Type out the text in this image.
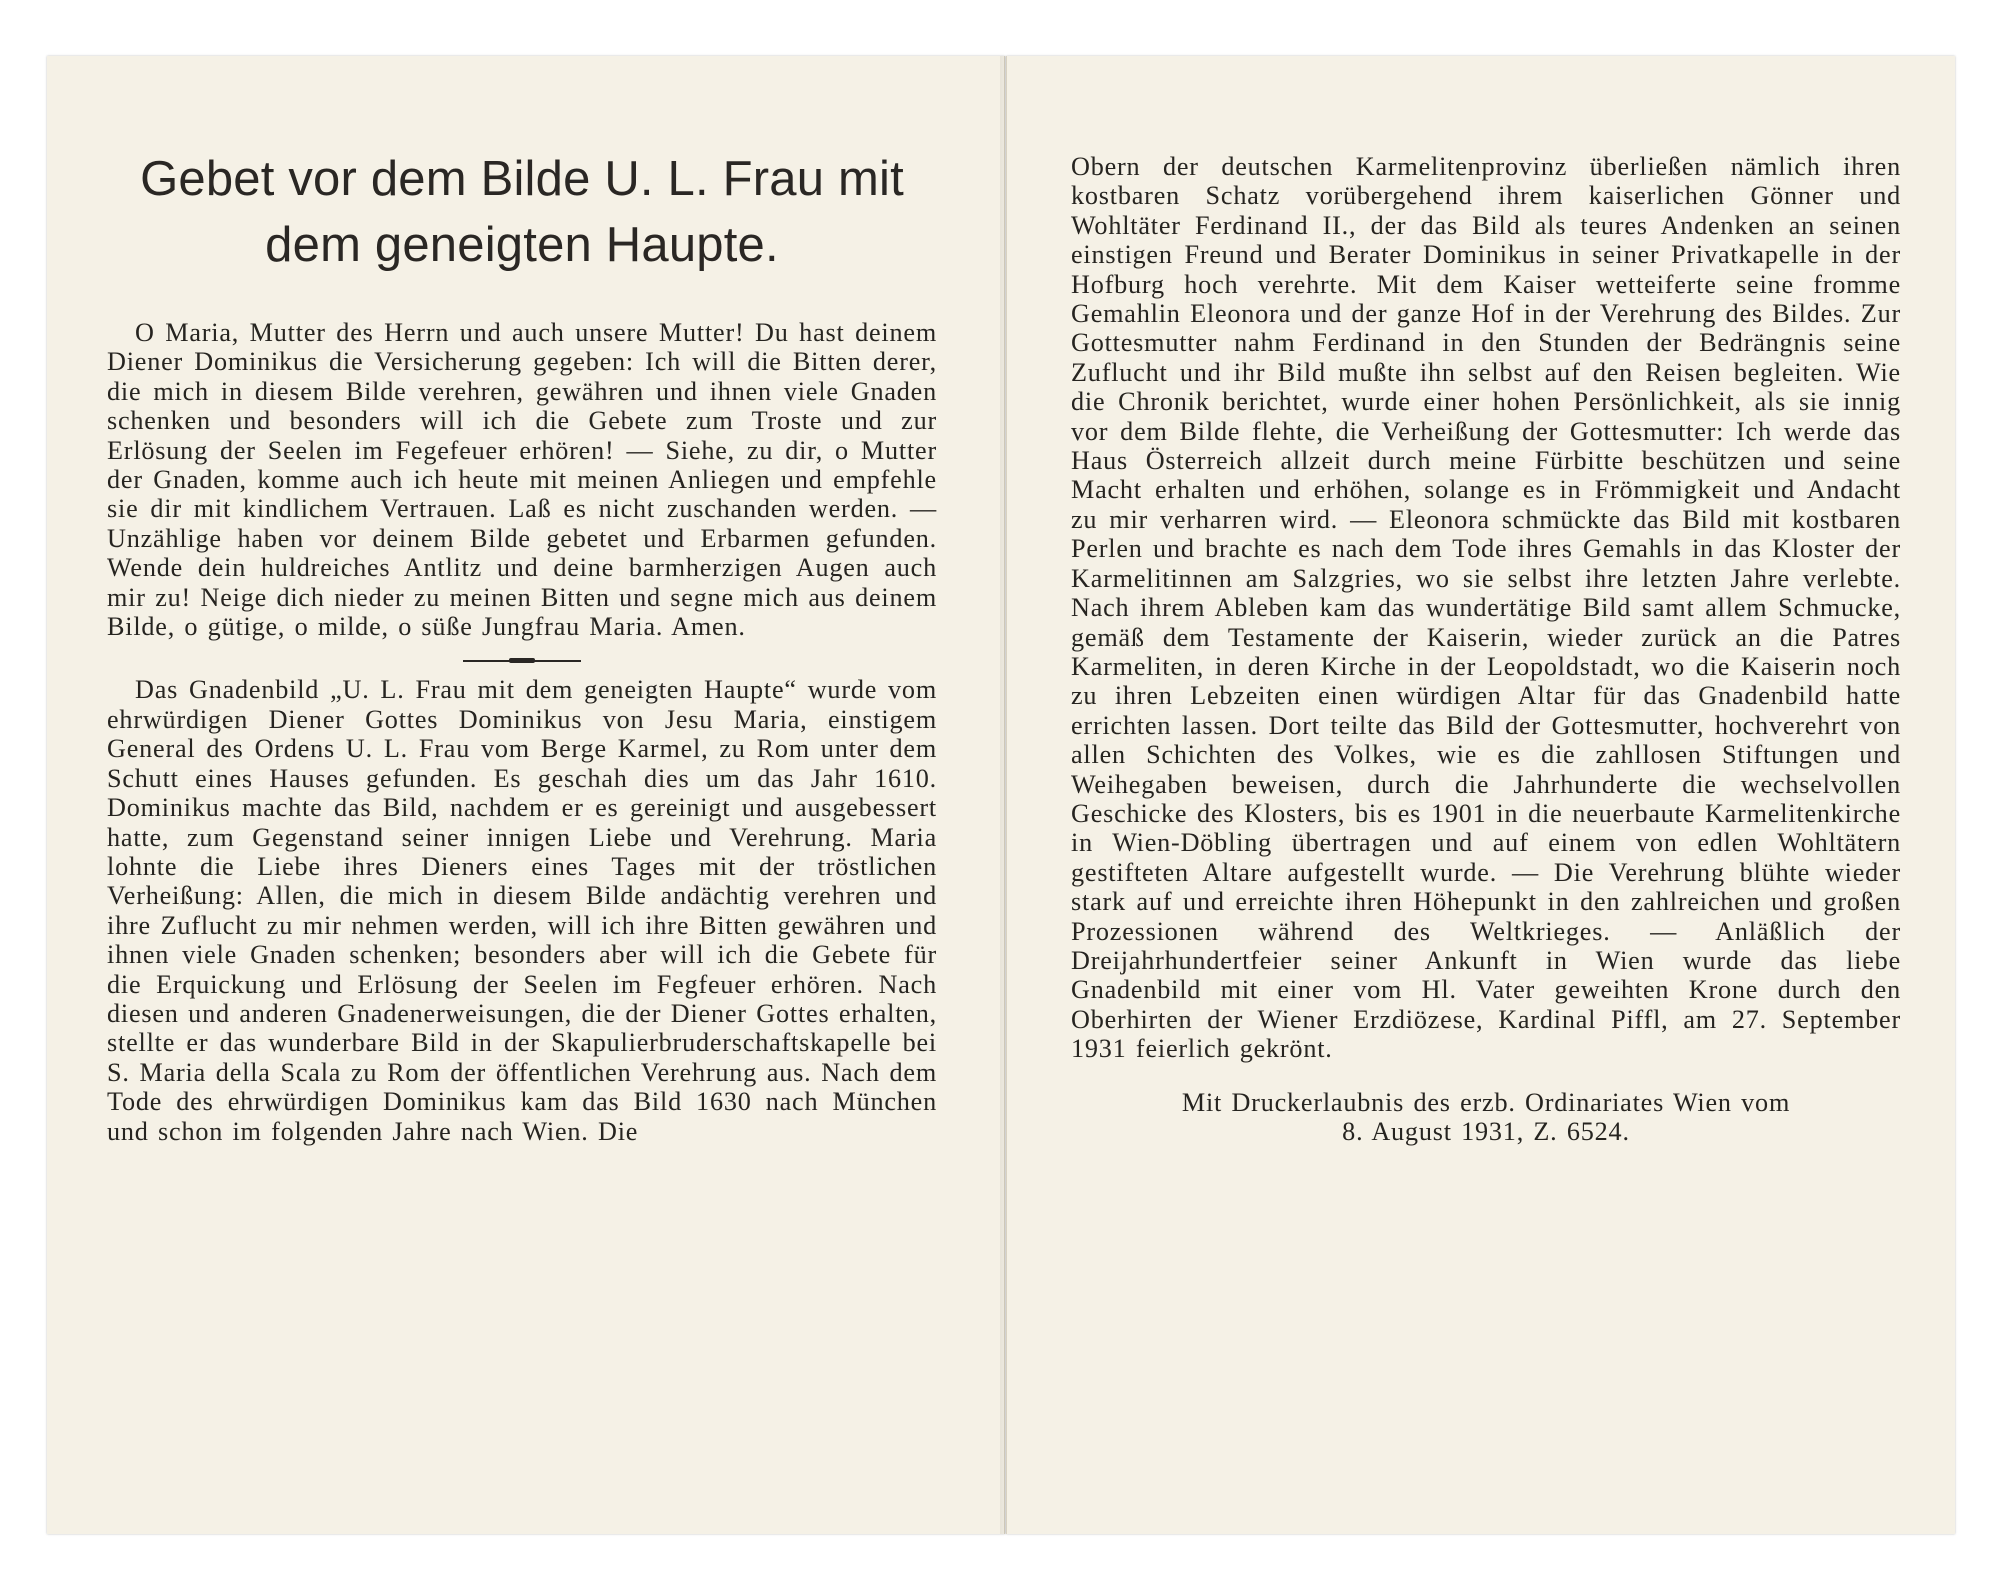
Gebet vor dem Bilde U. L. Frau mit dem geneigten Haupte.

O Maria, Mutter des Herrn und auch unsere Mutter! Du hast deinem Diener Dominikus die Versicherung gegeben: Ich will die Bitten derer, die mich in diesem Bilde verehren, gewähren und ihnen viele Gnaden schenken und besonders will ich die Gebete zum Troste und zur Erlösung der Seelen im Fegefeuer erhören! — Siehe, zu dir, o Mutter der Gnaden, komme auch ich heute mit meinen Anliegen und empfehle sie dir mit kindlichem Vertrauen. Laß es nicht zuschanden werden. — Unzählige haben vor deinem Bilde gebetet und Erbarmen gefunden. Wende dein huldreiches Antlitz und deine barmherzigen Augen auch mir zu! Neige dich nieder zu meinen Bitten und segne mich aus deinem Bilde, o gütige, o milde, o süße Jungfrau Maria. Amen.

Das Gnadenbild „U. L. Frau mit dem geneigten Haupte“ wurde vom ehrwürdigen Diener Gottes Dominikus von Jesu Maria, einstigem General des Ordens U. L. Frau vom Berge Karmel, zu Rom unter dem Schutt eines Hauses gefunden. Es geschah dies um das Jahr 1610. Dominikus machte das Bild, nachdem er es gereinigt und ausgebessert hatte, zum Gegenstand seiner innigen Liebe und Verehrung. Maria lohnte die Liebe ihres Dieners eines Tages mit der tröstlichen Verheißung: Allen, die mich in diesem Bilde andächtig verehren und ihre Zuflucht zu mir nehmen werden, will ich ihre Bitten gewähren und ihnen viele Gnaden schenken; besonders aber will ich die Gebete für die Erquickung und Erlösung der Seelen im Fegfeuer erhören. Nach diesen und anderen Gnadenerweisungen, die der Diener Gottes erhalten, stellte er das wunderbare Bild in der Skapulierbruderschaftskapelle bei S. Maria della Scala zu Rom der öffentlichen Verehrung aus. Nach dem Tode des ehrwürdigen Dominikus kam das Bild 1630 nach München und schon im folgenden Jahre nach Wien. Die

Obern der deutschen Karmelitenprovinz überließen nämlich ihren kostbaren Schatz vorübergehend ihrem kaiserlichen Gönner und Wohltäter Ferdinand II., der das Bild als teures Andenken an seinen einstigen Freund und Berater Dominikus in seiner Privatkapelle in der Hofburg hoch verehrte. Mit dem Kaiser wetteiferte seine fromme Gemahlin Eleonora und der ganze Hof in der Verehrung des Bildes. Zur Gottesmutter nahm Ferdinand in den Stunden der Bedrängnis seine Zuflucht und ihr Bild mußte ihn selbst auf den Reisen begleiten. Wie die Chronik berichtet, wurde einer hohen Persönlichkeit, als sie innig vor dem Bilde flehte, die Verheißung der Gottesmutter: Ich werde das Haus Österreich allzeit durch meine Fürbitte beschützen und seine Macht erhalten und erhöhen, solange es in Frömmigkeit und Andacht zu mir verharren wird. — Eleonora schmückte das Bild mit kostbaren Perlen und brachte es nach dem Tode ihres Gemahls in das Kloster der Karmelitinnen am Salzgries, wo sie selbst ihre letzten Jahre verlebte. Nach ihrem Ableben kam das wundertätige Bild samt allem Schmucke, gemäß dem Testamente der Kaiserin, wieder zurück an die Patres Karmeliten, in deren Kirche in der Leopoldstadt, wo die Kaiserin noch zu ihren Lebzeiten einen würdigen Altar für das Gnadenbild hatte errichten lassen. Dort teilte das Bild der Gottesmutter, hochverehrt von allen Schichten des Volkes, wie es die zahllosen Stiftungen und Weihegaben beweisen, durch die Jahrhunderte die wechselvollen Geschicke des Klosters, bis es 1901 in die neuerbaute Karmelitenkirche in Wien-Döbling übertragen und auf einem von edlen Wohltätern gestifteten Altare aufgestellt wurde. — Die Verehrung blühte wieder stark auf und erreichte ihren Höhepunkt in den zahlreichen und großen Prozessionen während des Weltkrieges. — Anläßlich der Dreijahrhundertfeier seiner Ankunft in Wien wurde das liebe Gnadenbild mit einer vom Hl. Vater geweihten Krone durch den Oberhirten der Wiener Erzdiözese, Kardinal Piffl, am 27. September 1931 feierlich gekrönt.

Mit Druckerlaubnis des erzb. Ordinariates Wien vom
8. August 1931, Z. 6524.
